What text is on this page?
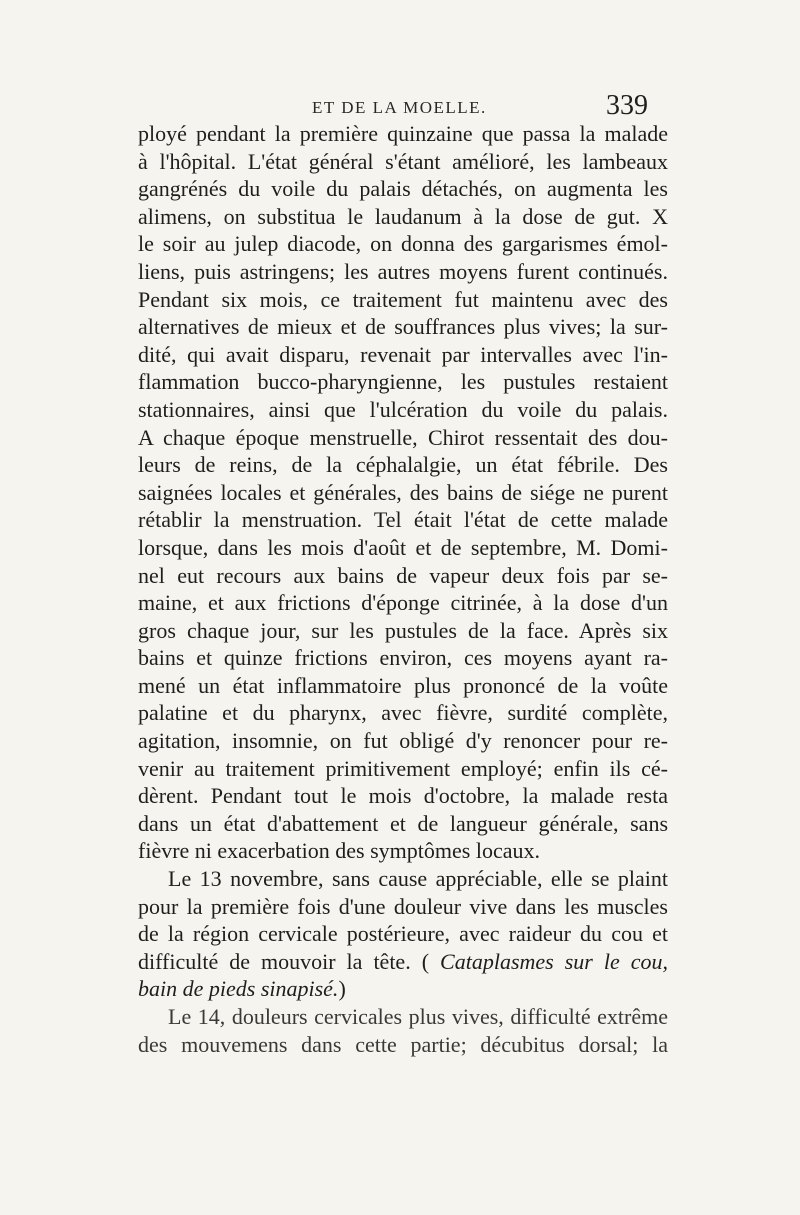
ET DE LA MOELLE.	339
ployé pendant la première quinzaine que passa la malade
à l'hôpital. L'état général s'étant amélioré, les lambeaux
gangrénés du voile du palais détachés, on augmenta les
alimens, on substitua le laudanum à la dose de gut. X
le soir au julep diacode, on donna des gargarismes émol-
liens, puis astringens; les autres moyens furent continués.
Pendant six mois, ce traitement fut maintenu avec des
alternatives de mieux et de souffrances plus vives; la sur-
dité, qui avait disparu, revenait par intervalles avec l'in-
flammation bucco-pharyngienne, les pustules restaient
stationnaires, ainsi que l'ulcération du voile du palais.
A chaque époque menstruelle, Chirot ressentait des dou-
leurs de reins, de la céphalalgie, un état fébrile. Des
saignées locales et générales, des bains de siége ne purent
rétablir la menstruation. Tel était l'état de cette malade
lorsque, dans les mois d'août et de septembre, M. Domi-
nel eut recours aux bains de vapeur deux fois par se-
maine, et aux frictions d'éponge citrinée, à la dose d'un
gros chaque jour, sur les pustules de la face. Après six
bains et quinze frictions environ, ces moyens ayant ra-
mené un état inflammatoire plus prononcé de la voûte
palatine et du pharynx, avec fièvre, surdité complète,
agitation, insomnie, on fut obligé d'y renoncer pour re-
venir au traitement primitivement employé; enfin ils cé-
dèrent. Pendant tout le mois d'octobre, la malade resta
dans un état d'abattement et de langueur générale, sans
fièvre ni exacerbation des symptômes locaux.
Le 13 novembre, sans cause appréciable, elle se plaint
pour la première fois d'une douleur vive dans les muscles
de la région cervicale postérieure, avec raideur du cou et
difficulté de mouvoir la tête. ( Cataplasmes sur le cou,
bain de pieds sinapisé.)
Le 14, douleurs cervicales plus vives, difficulté extrême
des mouvemens dans cette partie; décubitus dorsal; la
